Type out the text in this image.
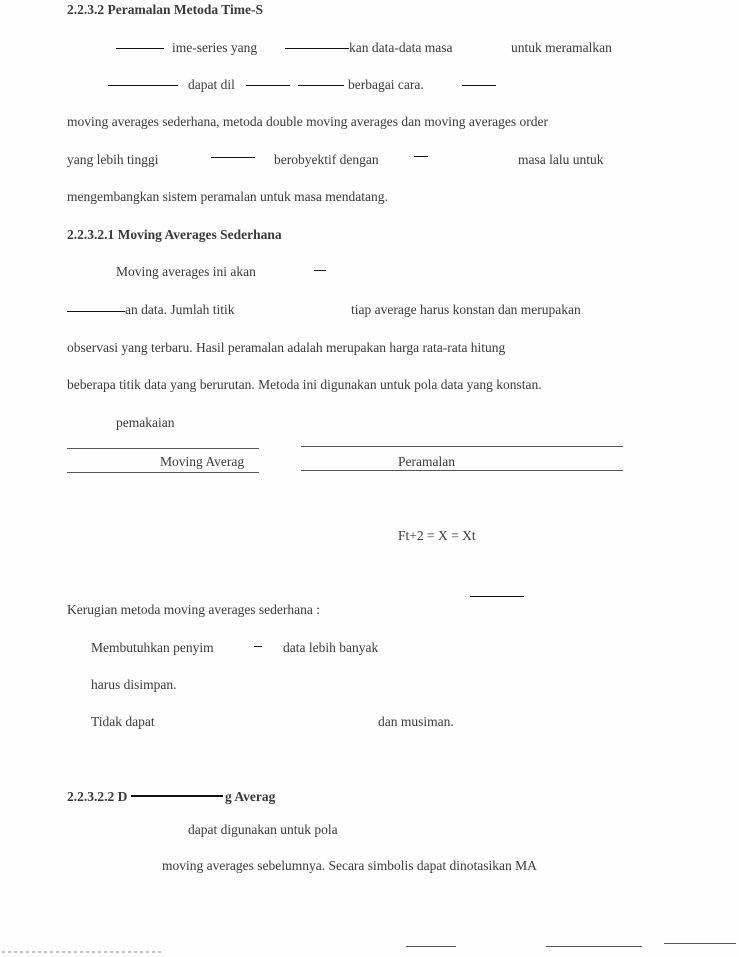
2.2.3.2 Peramalan Metoda Time-S
ime-series yang	kan data-data masa	untuk meramalkan
dapat dil	berbagai cara.
moving averages sederhana, metoda double moving averages dan moving averages order
yang lebih tinggi	berobyektif dengan	masa lalu untuk
mengembangkan sistem peramalan untuk masa mendatang.
2.2.3.2.1 Moving Averages Sederhana
Moving averages ini akan
an data. Jumlah titik	tiap average harus konstan dan merupakan
observasi yang terbaru. Hasil peramalan adalah merupakan harga rata-rata hitung
beberapa titik data yang berurutan. Metoda ini digunakan untuk pola data yang konstan.
pemakaian
Moving Averag	Peramalan
Ft+2 = X = Xt
Kerugian metoda moving averages sederhana :
Membutuhkan penyim	data lebih banyak
harus disimpan.
Tidak dapat	dan musiman.
2.2.3.2.2 D	g Averag
dapat digunakan untuk pola
moving averages sebelumnya. Secara simbolis dapat dinotasikan MA
